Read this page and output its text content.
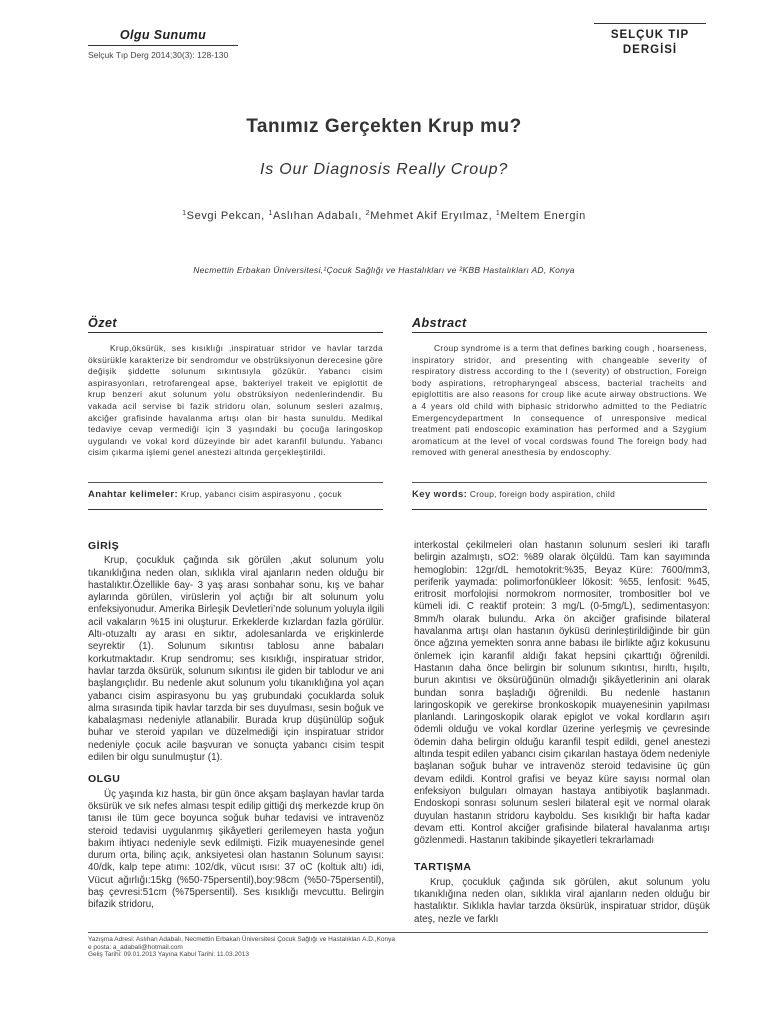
Olgu Sunumu
Selçuk Tıp Derg 2014;30(3): 128-130
SELÇUK TIP
DERGİSİ
Tanımız Gerçekten Krup mu?
Is Our Diagnosis Really Croup?
$^1$Sevgi Pekcan, $^1$Aslıhan Adabalı, $^2$Mehmet Akif Eryılmaz, $^1$Meltem Energin
Necmettin Erbakan Üniversitesi,¹Çocuk Sağlığı ve Hastalıkları ve ²KBB Hastalıkları AD, Konya
Özet

Krup,öksürük, ses kısıklığı ,inspiratuar stridor ve havlar tarzda öksürükle karakterize bir sendromdur ve obstrüksiyonun derecesine göre değişik şiddette solunum sıkıntısıyla gözükür. Yabancı cisim aspirasyonları, retrofarengeal apse, bakteriyel trakeit ve epiglottit de krup benzeri akut solunum yolu obstrüksiyon nedenlerindendir. Bu vakada acil servise bi fazik stridoru olan, solunum sesleri azalmış, akciğer grafisinde havalanma artışı olan bir hasta sunuldu. Medikal tedaviye cevap vermediği için 3 yaşındaki bu çocuğa laringoskop uygulandı ve vokal kord düzeyinde bir adet karanfil bulundu. Yabancı cisim çıkarma işlemi genel anestezi altında gerçekleştirildi.

Abstract

Croup syndrome is a term that defines barking cough , hoarseness, inspiratory stridor, and presenting with changeable severity of respiratory distress according to the l (severity) of obstruction, Foreign body aspirations, retropharyngeal abscess, bacterial tracheits and epiglottitis are also reasons for croup like acute airway obstructions. We a 4 years old child with biphasic stridorwho admitted to the Pediatric Emergencydepartment In consequence of unresponsive medical treatment pati endoscopic examination has performed and a Szygium aromaticum at the level of vocal cordswas found The foreign body had removed with general anesthesia by endoscophy.

Anahtar kelimeler: Krup, yabancı cisim aspirasyonu , çocuk	Key words: Croup, foreign body aspiration, child
GİRİŞ

Krup, çocukluk çağında sık görülen ,akut solunum yolu tıkanıklığına neden olan, sıklıkla viral ajanların neden olduğu bir hastalıktır.Özellikle 6ay- 3 yaş arası sonbahar sonu, kış ve bahar aylarında görülen, virüslerin yol açtığı bir alt solunum yolu enfeksiyonudur. Amerika Birleşik Devletleri’nde solunum yoluyla ilgili acil vakaların %15 ini oluşturur. Erkeklerde kızlardan fazla görülür. Altı-otuzaltı ay arası en sıktır, adolesanlarda ve erişkinlerde seyrektir (1). Solunum sıkıntısı tablosu anne babaları korkutmaktadır. Krup sendromu; ses kısıklığı, inspiratuar stridor, havlar tarzda öksürük, solunum sıkıntısı ile giden bir tablodur ve ani başlangıçlıdır. Bu nedenle akut solunum yolu tıkanıklığına yol açan yabancı cisim aspirasyonu bu yaş grubundaki çocuklarda soluk alma sırasında tipik havlar tarzda bir ses duyulması, sesin boğuk ve kabalaşması nedeniyle atlanabilir. Burada krup düşünülüp soğuk buhar ve steroid yapılan ve düzelmediği için inspiratuar stridor nedeniyle çocuk acile başvuran ve sonuçta yabancı cisim tespit edilen bir olgu sunulmuştur (1).

OLGU

Üç yaşında kız hasta, bir gün önce akşam başlayan havlar tarda öksürük ve sık nefes alması tespit edilip gittiği dış merkezde krup ön tanısı ile tüm gece boyunca soğuk buhar tedavisi ve intravenöz steroid tedavisi uygulanmış şikâyetleri gerilemeyen hasta yoğun bakım ihtiyacı nedeniyle sevk edilmişti. Fizik muayenesinde genel durum orta, bilinç açık, anksiyetesi olan hastanın Solunum sayısı: 40/dk, kalp tepe atımı: 102/dk, vücut ısısı: 37 oC (koltuk altı) idi, Vücut ağırlığı:15kg (%50-75persentil),boy:98cm (%50-75persentil), baş çevresi:51cm (%75persentil). Ses kısıklığı mevcuttu. Belirgin bifazik stridoru,

interkostal çekilmeleri olan hastanın solunum sesleri iki taraflı belirgin azalmıştı, sO2: %89 olarak ölçüldü. Tam kan sayımında hemoglobin: 12gr/dL hemotokrit:%35, Beyaz Küre: 7600/mm3, periferik yaymada: polimorfonükleer lökosit: %55, lenfosit: %45, eritrosit morfolojisi normokrom normositer, trombositler bol ve kümeli idi. C reaktif protein: 3 mg/L (0-5mg/L), sedimentasyon: 8mm/h olarak bulundu. Arka ön akciğer grafisinde bilateral havalanma artışı olan hastanın öyküsü derinleştirildiğinde bir gün önce ağzına yemekten sonra anne babası ile birlikte ağız kokusunu önlemek için karanfil aldığı fakat hepsini çıkarttığı öğrenildi. Hastanın daha önce belirgin bir solunum sıkıntısı, hırıltı, hışıltı, burun akıntısı ve öksürüğünün olmadığı şikâyetlerinin ani olarak bundan sonra başladığı öğrenildi. Bu nedenle hastanın laringoskopik ve gerekirse bronkoskopik muayenesinin yapılması planlandı. Laringoskopik olarak epiglot ve vokal kordların aşırı ödemli olduğu ve vokal kordlar üzerine yerleşmiş ve çevresinde ödemin daha belirgin olduğu karanfil tespit edildi, genel anestezi altında tespit edilen yabancı cisim çıkarılan hastaya ödem nedeniyle başlanan soğuk buhar ve intravenöz steroid tedavisine üç gün devam edildi. Kontrol grafisi ve beyaz küre sayısı normal olan enfeksiyon bulguları olmayan hastaya antibiyotik başlanmadı. Endoskopi sonrası solunum sesleri bilateral eşit ve normal olarak duyulan hastanın stridoru kayboldu. Ses kısıklığı bir hafta kadar devam etti. Kontrol akciğer grafisinde bilateral havalanma artışı gözlenmedi. Hastanın takibinde şikayetleri tekrarlamadı

TARTIŞMA

Krup, çocukluk çağında sık görülen, akut solunum yolu tıkanıklığına neden olan, sıklıkla viral ajanların neden olduğu bir hastalıktır. Sıklıkla havlar tarzda öksürük, inspiratuar stridor, düşük ateş, nezle ve farklı

Yazışma Adresi: Aslıhan Adabalı, Necmettin Erbakan Üniversitesi Çocuk Sağlığı ve Hastalıkları A.D.,Konya
e posta: a_adabali@hotmail.com
Geliş Tarihi: 09.01.2013 Yayına Kabul Tarihi: 11.03.2013
